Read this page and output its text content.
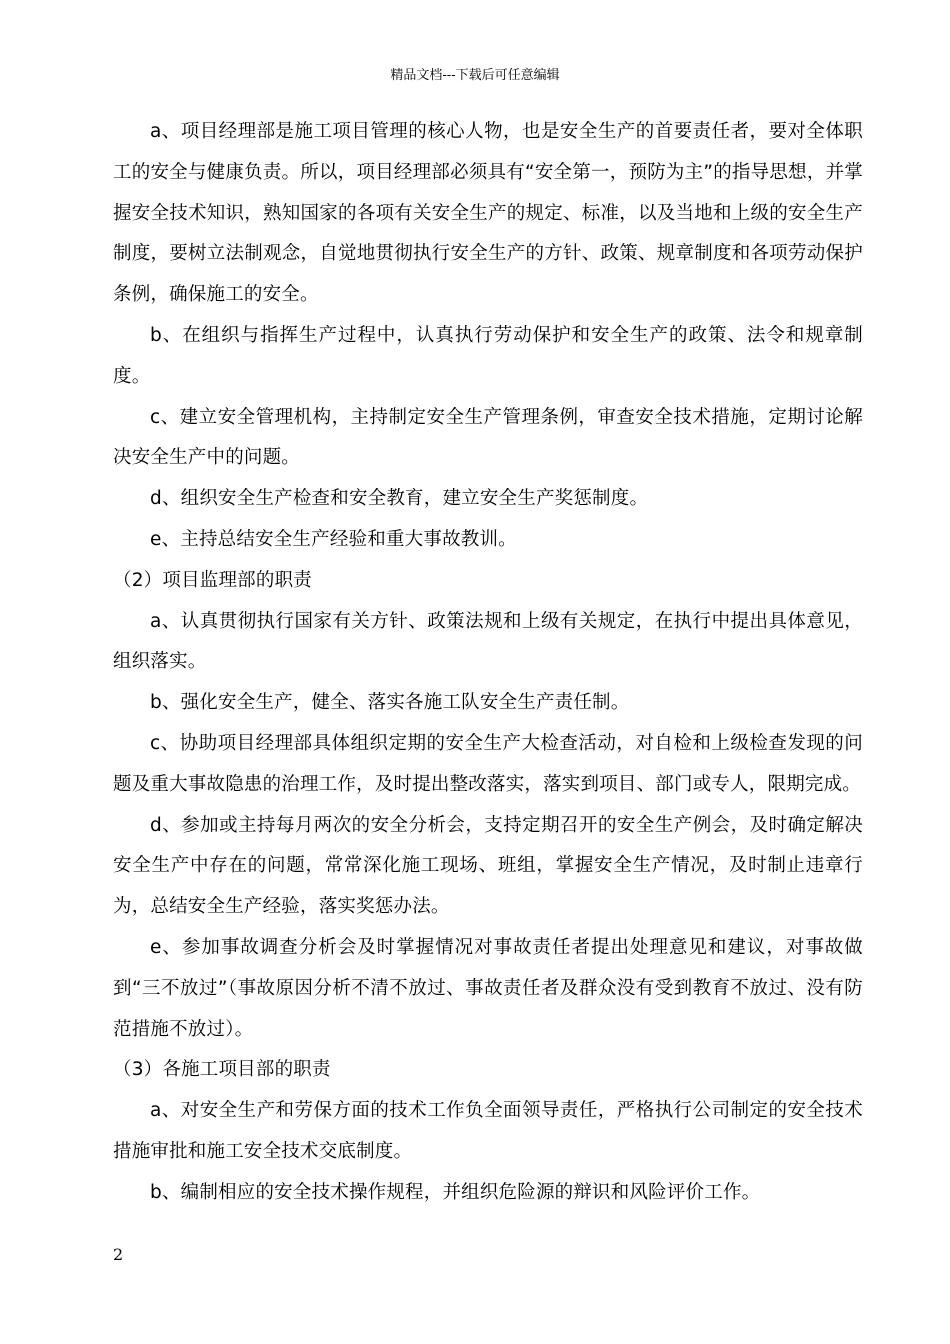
精品文档---下载后可任意编辑
a、项目经理部是施工项目管理的核心人物，也是安全生产的首要责任者，要对全体职工的安全与健康负责。所以，项目经理部必须具有“安全第一，预防为主”的指导思想，并掌握安全技术知识，熟知国家的各项有关安全生产的规定、标准，以及当地和上级的安全生产制度，要树立法制观念，自觉地贯彻执行安全生产的方针、政策、规章制度和各项劳动保护条例，确保施工的安全。
b、在组织与指挥生产过程中，认真执行劳动保护和安全生产的政策、法令和规章制度。
c、建立安全管理机构，主持制定安全生产管理条例，审查安全技术措施，定期讨论解决安全生产中的问题。
d、组织安全生产检查和安全教育，建立安全生产奖惩制度。
e、主持总结安全生产经验和重大事故教训。
（2）项目监理部的职责
a、认真贯彻执行国家有关方针、政策法规和上级有关规定，在执行中提出具体意见，组织落实。
b、强化安全生产，健全、落实各施工队安全生产责任制。
c、协助项目经理部具体组织定期的安全生产大检查活动，对自检和上级检查发现的问题及重大事故隐患的治理工作，及时提出整改落实，落实到项目、部门或专人，限期完成。
d、参加或主持每月两次的安全分析会，支持定期召开的安全生产例会，及时确定解决安全生产中存在的问题，常常深化施工现场、班组，掌握安全生产情况，及时制止违章行为，总结安全生产经验，落实奖惩办法。
e、参加事故调查分析会及时掌握情况对事故责任者提出处理意见和建议，对事故做到“三不放过”（事故原因分析不清不放过、事故责任者及群众没有受到教育不放过、没有防范措施不放过）。
（3）各施工项目部的职责
a、对安全生产和劳保方面的技术工作负全面领导责任，严格执行公司制定的安全技术措施审批和施工安全技术交底制度。
b、编制相应的安全技术操作规程，并组织危险源的辩识和风险评价工作。
2
